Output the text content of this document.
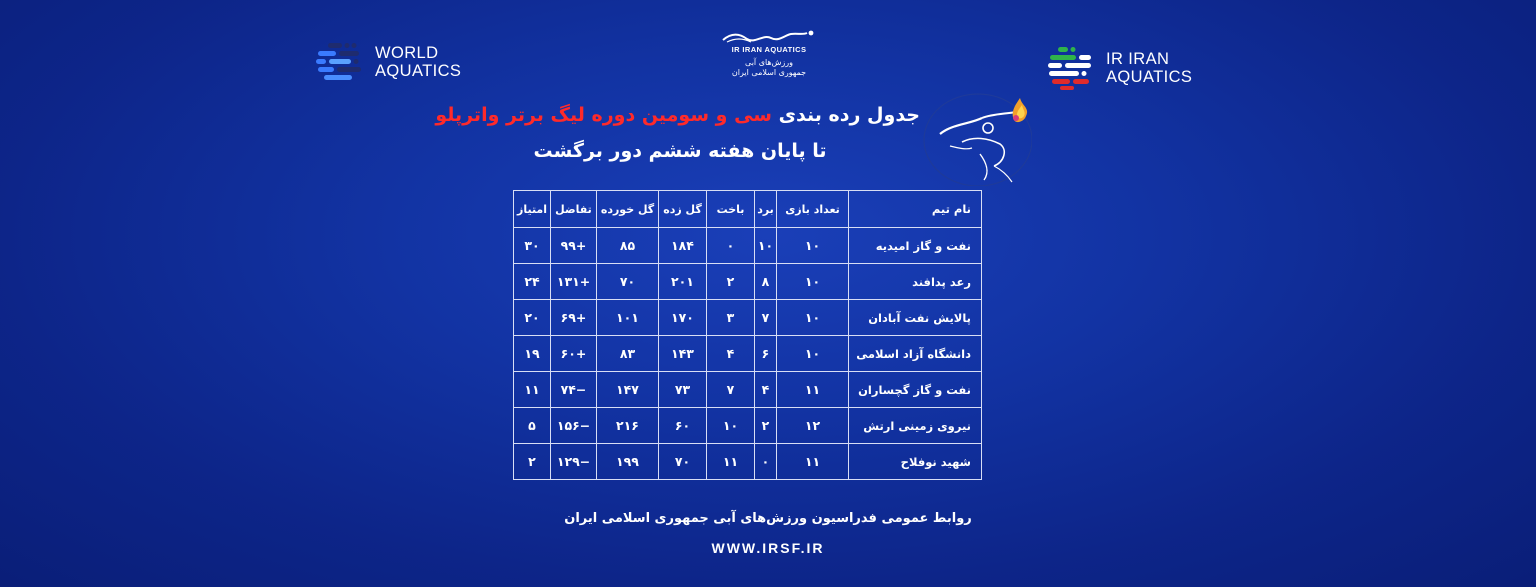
WORLD
AQUATICS
IR IRAN AQUATICS
ورزش‌های آبی
جمهوری اسلامی ایران
IR IRAN
AQUATICS
جدول رده بندی سی و سومین دوره لیگ برتر واترپلو
تا پایان هفته ششم دور برگشت
نام تیم	تعداد بازی	برد	باخت	گل زده	گل خورده	تفاضل	امتیاز
نفت و گاز امیدیه	۱۰	۱۰	۰	۱۸۴	۸۵	+۹۹	۳۰
رعد پدافند	۱۰	۸	۲	۲۰۱	۷۰	+۱۳۱	۲۴
پالایش نفت آبادان	۱۰	۷	۳	۱۷۰	۱۰۱	+۶۹	۲۰
دانشگاه آزاد اسلامی	۱۰	۶	۴	۱۴۳	۸۳	+۶۰	۱۹
نفت و گاز گچساران	۱۱	۴	۷	۷۳	۱۴۷	−۷۴	۱۱
نیروی زمینی ارتش	۱۲	۲	۱۰	۶۰	۲۱۶	−۱۵۶	۵
شهید نوفلاح	۱۱	۰	۱۱	۷۰	۱۹۹	−۱۲۹	۲
روابط عمومی فدراسیون ورزش‌های آبی جمهوری اسلامی ایران
WWW.IRSF.IR
